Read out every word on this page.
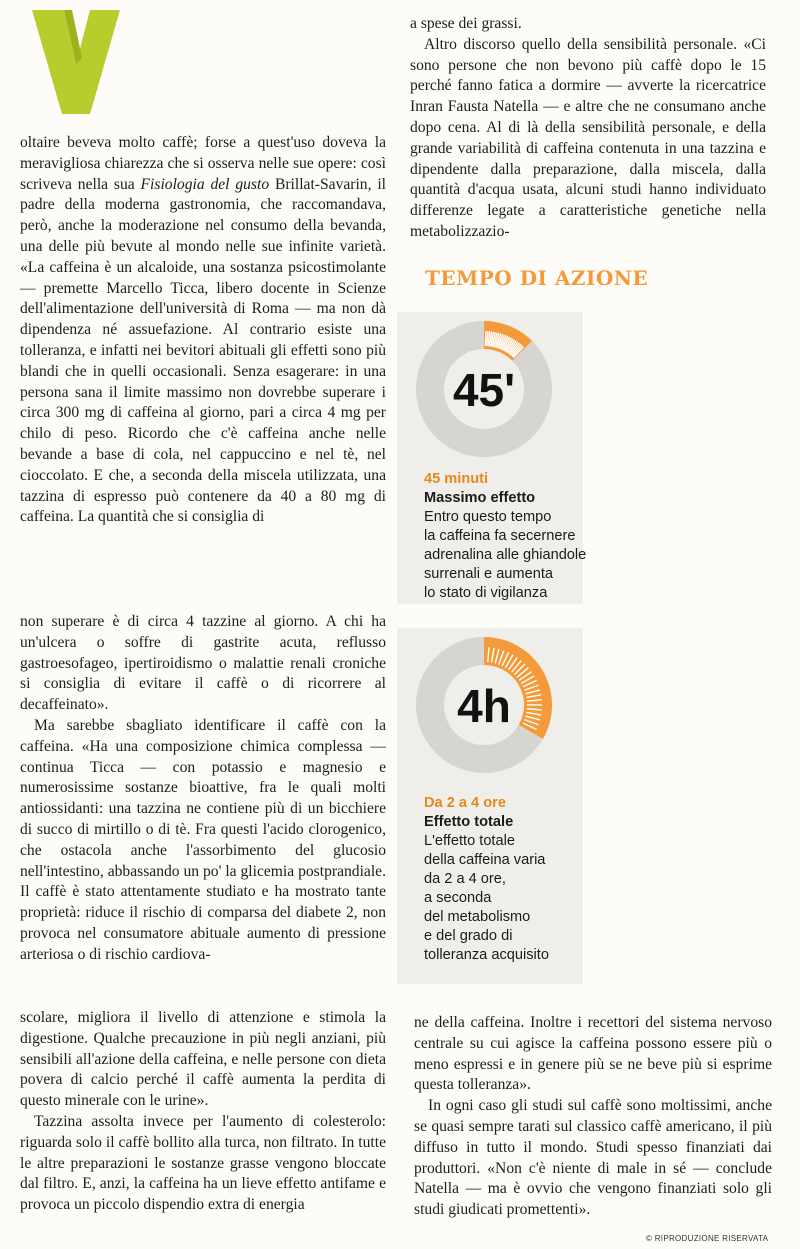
V

oltaire beveva molto caffè; forse a quest'uso doveva la meravigliosa chiarezza che si osserva nelle sue opere: così scriveva nella sua Fisiologia del gusto Brillat-Savarin, il padre della moderna gastronomia, che raccomandava, però, anche la moderazione nel consumo della bevanda, una delle più bevute al mondo nelle sue infinite varietà. «La caffeina è un alcaloide, una sostanza psicostimolante — premette Marcello Ticca, libero docente in Scienze dell'alimentazione dell'università di Roma — ma non dà dipendenza né assuefazione. Al contrario esiste una tolleranza, e infatti nei bevitori abituali gli effetti sono più blandi che in quelli occasionali. Senza esagerare: in una persona sana il limite massimo non dovrebbe superare i circa 300 mg di caffeina al giorno, pari a circa 4 mg per chilo di peso. Ricordo che c'è caffeina anche nelle bevande a base di cola, nel cappuccino e nel tè, nel cioccolato. E che, a seconda della miscela utilizzata, una tazzina di espresso può contenere da 40 a 80 mg di caffeina. La quantità che si consiglia di

non superare è di circa 4 tazzine al giorno. A chi ha un'ulcera o soffre di gastrite acuta, reflusso gastroesofageo, ipertiroidismo o malattie renali croniche si consiglia di evitare il caffè o di ricorrere al decaffeinato».

Ma sarebbe sbagliato identificare il caffè con la caffeina. «Ha una composizione chimica complessa — continua Ticca — con potassio e magnesio e numerosissime sostanze bioattive, fra le quali molti antiossidanti: una tazzina ne contiene più di un bicchiere di succo di mirtillo o di tè. Fra questi l'acido clorogenico, che ostacola anche l'assorbimento del glucosio nell'intestino, abbassando un po' la glicemia postprandiale. Il caffè è stato attentamente studiato e ha mostrato tante proprietà: riduce il rischio di comparsa del diabete 2, non provoca nel consumatore abituale aumento di pressione arteriosa o di rischio cardiova-

scolare, migliora il livello di attenzione e stimola la digestione. Qualche precauzione in più negli anziani, più sensibili all'azione della caffeina, e nelle persone con dieta povera di calcio perché il caffè aumenta la perdita di questo minerale con le urine».

Tazzina assolta invece per l'aumento di colesterolo: riguarda solo il caffè bollito alla turca, non filtrato. In tutte le altre preparazioni le sostanze grasse vengono bloccate dal filtro. E, anzi, la caffeina ha un lieve effetto antifame e provoca un piccolo dispendio extra di energia

a spese dei grassi.

Altro discorso quello della sensibilità personale. «Ci sono persone che non bevono più caffè dopo le 15 perché fanno fatica a dormire — avverte la ricercatrice Inran Fausta Natella — e altre che ne consumano anche dopo cena. Al di là della sensibilità personale, e della grande variabilità di caffeina contenuta in una tazzina e dipendente dalla preparazione, dalla miscela, dalla quantità d'acqua usata, alcuni studi hanno individuato differenze legate a caratteristiche genetiche nella metabolizzazio-

ne della caffeina. Inoltre i recettori del sistema nervoso centrale su cui agisce la caffeina possono essere più o meno espressi e in genere più se ne beve più si esprime questa tolleranza».

In ogni caso gli studi sul caffè sono moltissimi, anche se quasi sempre tarati sul classico caffè americano, il più diffuso in tutto il mondo. Studi spesso finanziati dai produttori. «Non c'è niente di male in sé — conclude Natella — ma è ovvio che vengono finanziati solo gli studi giudicati promettenti».

TEMPO DI AZIONE
45'
4h
45 minuti
Massimo effetto
Entro questo tempo
la caffeina fa secernere
adrenalina alle ghiandole
surrenali e aumenta
lo stato di vigilanza
Da 2 a 4 ore
Effetto totale
L'effetto totale
della caffeina varia
da 2 a 4 ore,
a seconda
del metabolismo
e del grado di
tolleranza acquisito
© RIPRODUZIONE RISERVATA
